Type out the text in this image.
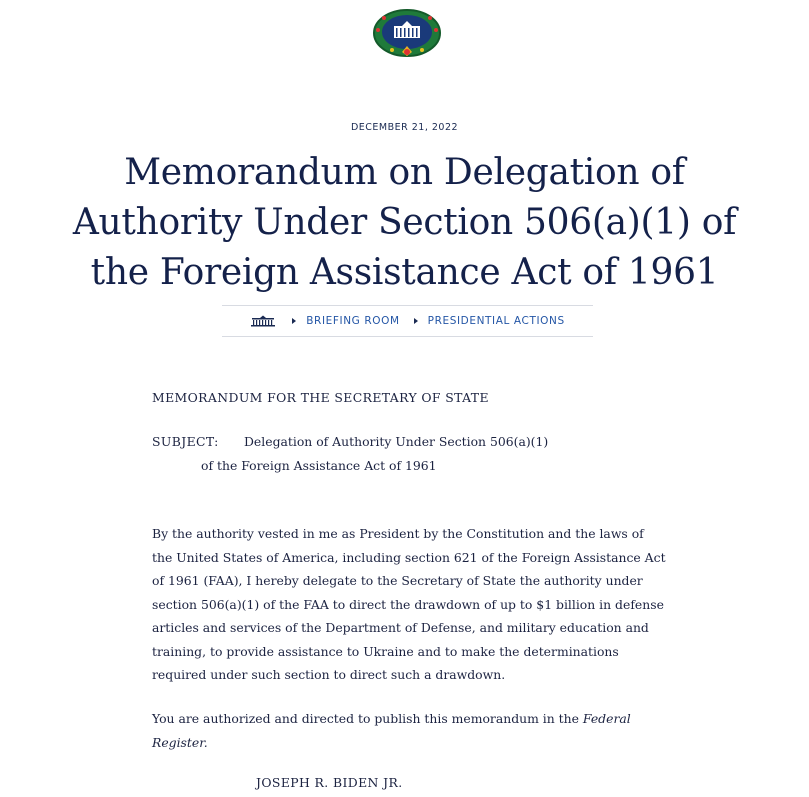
DECEMBER 21, 2022
Memorandum on Delegation of Authority Under Section 506(a)(1) of the Foreign Assistance Act of 1961
BRIEFING ROOM	PRESIDENTIAL ACTIONS
MEMORANDUM FOR THE SECRETARY OF STATE
SUBJECT: Delegation of Authority Under Section 506(a)(1)
of the Foreign Assistance Act of 1961
By the authority vested in me as President by the Constitution and the laws of the United States of America, including section 621 of the Foreign Assistance Act of 1961 (FAA), I hereby delegate to the Secretary of State the authority under section 506(a)(1) of the FAA to direct the drawdown of up to $1 billion in defense articles and services of the Department of Defense, and military education and training, to provide assistance to Ukraine and to make the determinations required under such section to direct such a drawdown.
You are authorized and directed to publish this memorandum in the Federal Register.
JOSEPH R. BIDEN JR.
